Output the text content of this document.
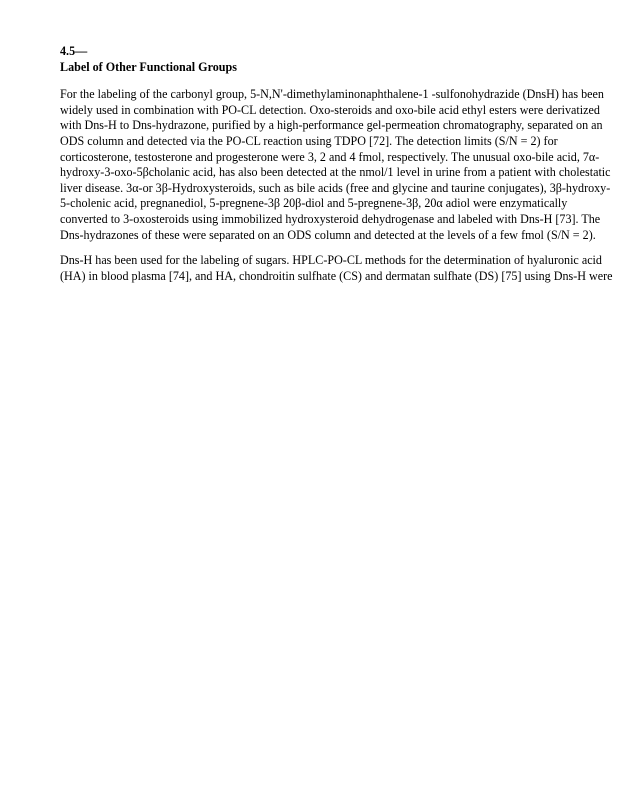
4.5—
Label of Other Functional Groups

For the labeling of the carbonyl group, 5-N,N'-dimethylaminonaphthalene-1 -sulfonohydrazide (DnsH) has been widely used in combination with PO-CL detection. Oxo-steroids and oxo-bile acid ethyl esters were derivatized with Dns-H to Dns-hydrazone, purified by a high-performance gel-permeation chromatography, separated on an ODS column and detected via the PO-CL reaction using TDPO [72]. The detection limits (S/N = 2) for corticosterone, testosterone and progesterone were 3, 2 and 4 fmol, respectively. The unusual oxo-bile acid, 7α-hydroxy-3-oxo-5βcholanic acid, has also been detected at the nmol/1 level in urine from a patient with cholestatic liver disease. 3α-or 3β-Hydroxysteroids, such as bile acids (free and glycine and taurine conjugates), 3β-hydroxy-5-cholenic acid, pregnanediol, 5-pregnene-3β 20β-diol and 5-pregnene-3β, 20α adiol were enzymatically converted to 3-oxosteroids using immobilized hydroxysteroid dehydrogenase and labeled with Dns-H [73]. The Dns-hydrazones of these were separated on an ODS column and detected at the levels of a few fmol (S/N = 2).

Dns-H has been used for the labeling of sugars. HPLC-PO-CL methods for the determination of hyaluronic acid (HA) in blood plasma [74], and HA, chondroitin sulfhate (CS) and dermatan sulfhate (DS) [75] using Dns-H were
